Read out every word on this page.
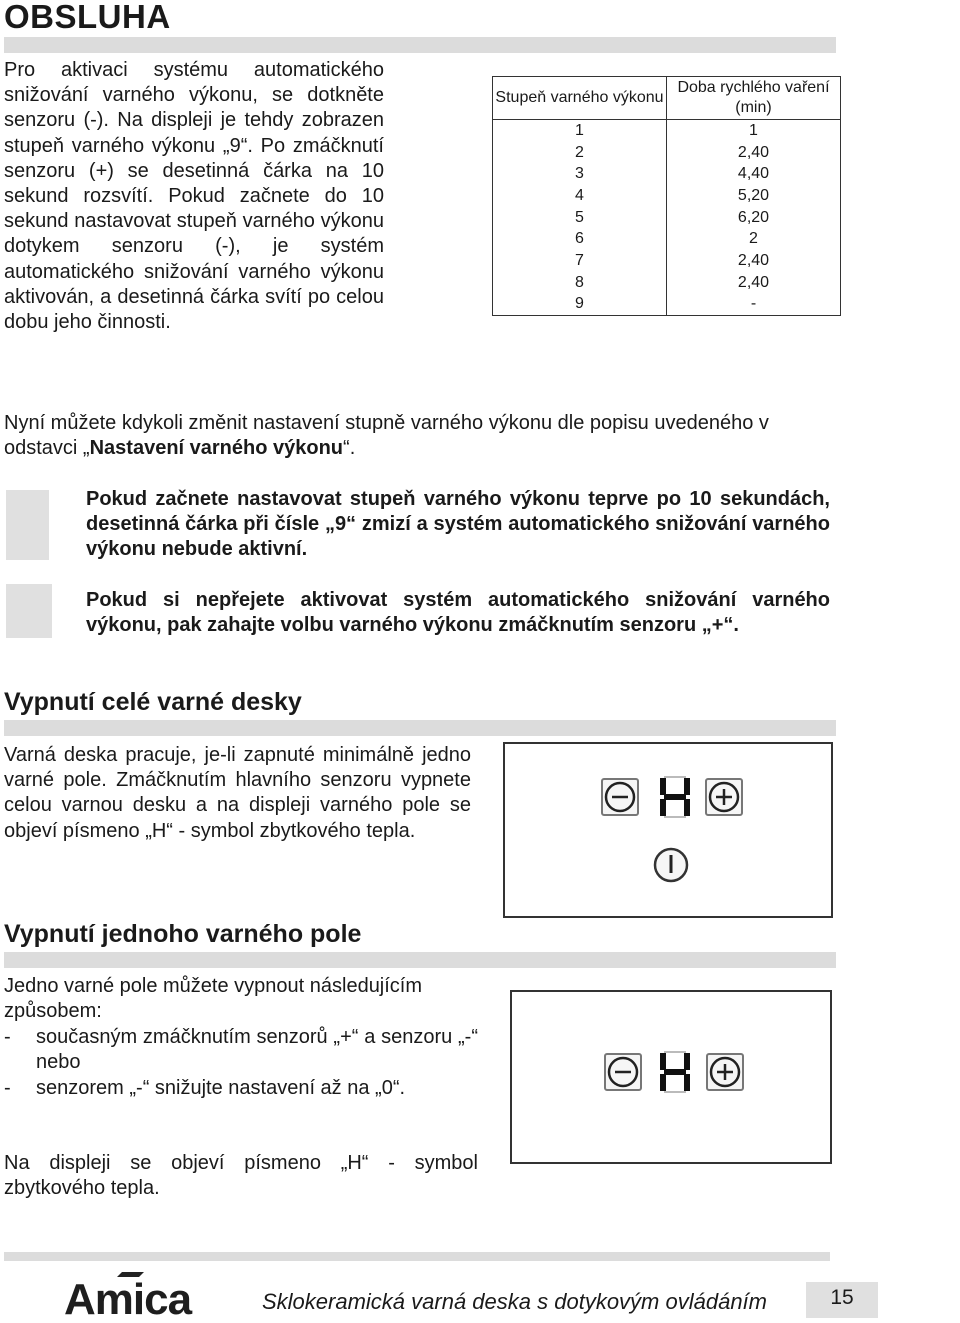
OBSLUHA
Pro aktivaci systému automatického snižování varného výkonu, se dotkněte senzoru (-). Na displeji je tehdy zobrazen stupeň varného výkonu „9“. Po zmáčknutí senzoru (+) se desetinná čárka na 10 sekund rozsvítí. Pokud začnete do 10 sekund nastavovat stupeň varného výkonu dotykem senzoru (-), je systém automatického snižování varného výkonu aktivován, a desetinná čárka svítí po celou dobu jeho činnosti.
Stupeň varného výkonu	Doba rychlého vaření (min)
1	1
2	2,40
3	4,40
4	5,20
5	6,20
6	2
7	2,40
8	2,40
9	-
Nyní můžete kdykoli změnit nastavení stupně varného výkonu dle popisu uvedeného v odstavci „Nastavení varného výkonu“.
Pokud začnete nastavovat stupeň varného výkonu teprve po 10 sekundách, desetinná čárka při čísle „9“ zmizí a systém automatického snižování varného výkonu nebude aktivní.
Pokud si nepřejete aktivovat systém automatického snižování varného výkonu, pak zahajte volbu varného výkonu zmáčknutím senzoru „+“.
Vypnutí celé varné desky
Varná deska pracuje, je-li zapnuté minimálně jedno varné pole. Zmáčknutím hlavního senzoru vypnete celou varnou desku a na displeji varného pole se objeví písmeno „H“ - symbol zbytkového tepla.
Vypnutí jednoho varného pole
Jedno varné pole můžete vypnout následujícím způsobem:
- současným zmáčknutím senzorů „+“ a senzoru „-“ nebo
- senzorem „-“ snižujte nastavení až na „0“.
Na displeji se objeví písmeno „H“ - symbol zbytkového tepla.
Amica	Sklokeramická varná deska s dotykovým ovládáním	15
